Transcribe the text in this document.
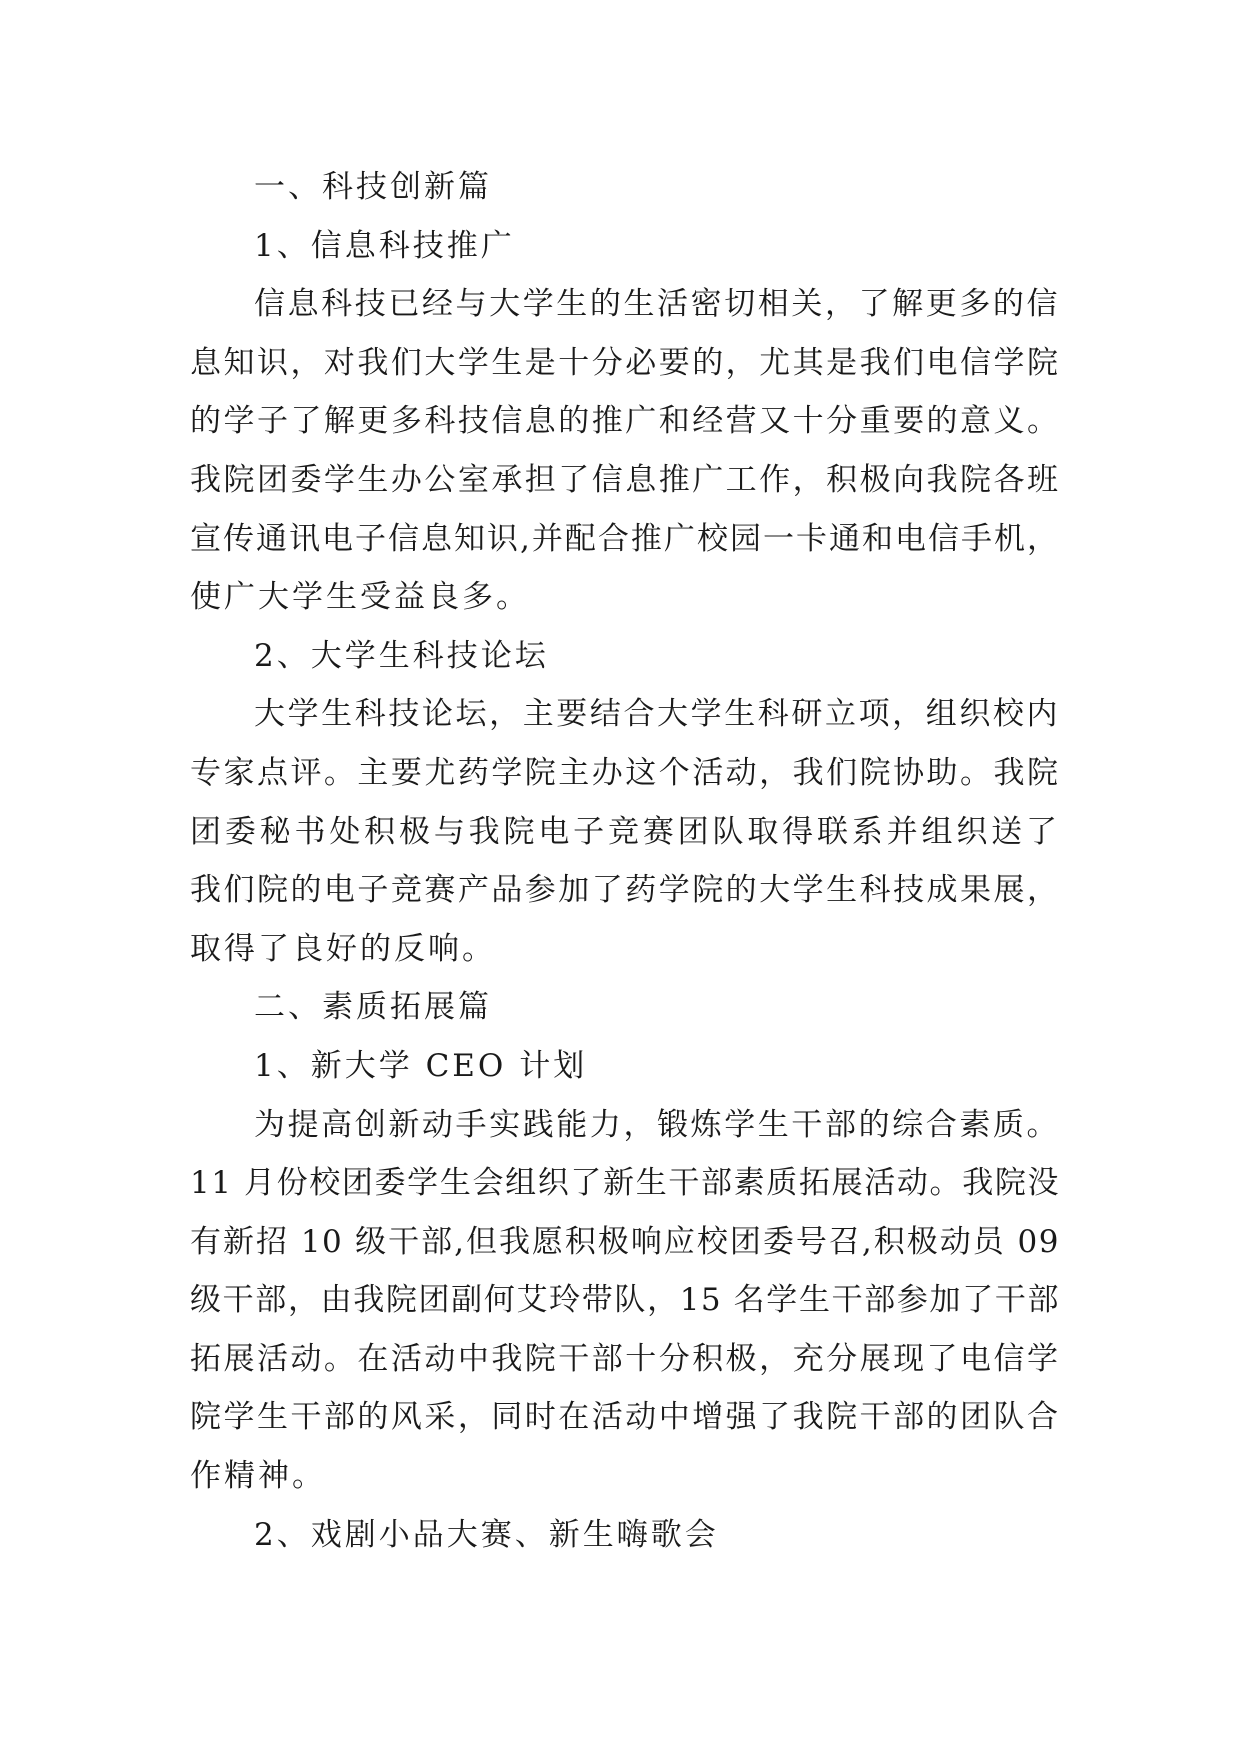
一、科技创新篇
1、信息科技推广
信息科技已经与大学生的生活密切相关，了解更多的信
息知识，对我们大学生是十分必要的，尤其是我们电信学院
的学子了解更多科技信息的推广和经营又十分重要的意义。
我院团委学生办公室承担了信息推广工作，积极向我院各班
宣传通讯电子信息知识,并配合推广校园一卡通和电信手机，
使广大学生受益良多。
2、大学生科技论坛
大学生科技论坛，主要结合大学生科研立项，组织校内
专家点评。主要尤药学院主办这个活动，我们院协助。我院
团委秘书处积极与我院电子竞赛团队取得联系并组织送了
我们院的电子竞赛产品参加了药学院的大学生科技成果展，
取得了良好的反响。
二、素质拓展篇
1、新大学 CEO 计划
为提高创新动手实践能力，锻炼学生干部的综合素质。
11 月份校团委学生会组织了新生干部素质拓展活动。我院没
有新招 10 级干部,但我愿积极响应校团委号召,积极动员 09
级干部，由我院团副何艾玲带队，15 名学生干部参加了干部
拓展活动。在活动中我院干部十分积极，充分展现了电信学
院学生干部的风采，同时在活动中增强了我院干部的团队合
作精神。
2、戏剧小品大赛、新生嗨歌会
